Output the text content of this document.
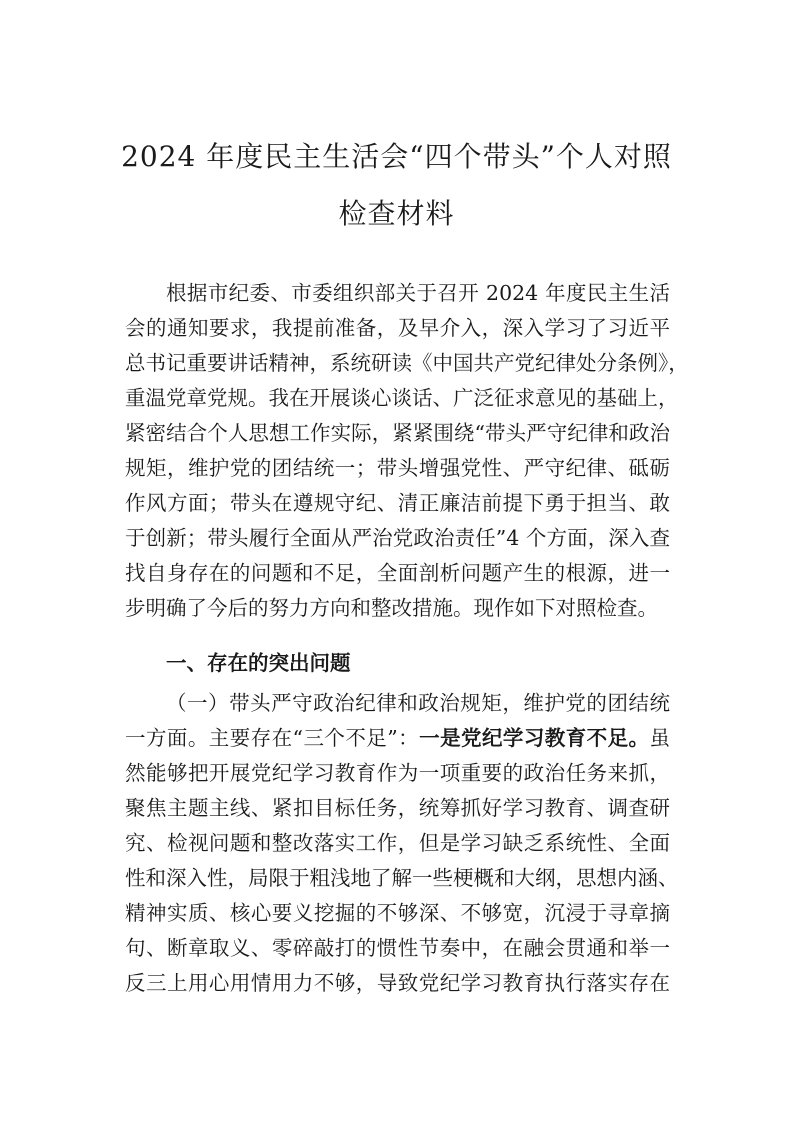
2024 年度民主生活会“四个带头”个人对照
检查材料
根据市纪委、市委组织部关于召开 2024 年度民主生活
会的通知要求，我提前准备，及早介入，深入学习了习近平
总书记重要讲话精神，系统研读《中国共产党纪律处分条例》，
重温党章党规。我在开展谈心谈话、广泛征求意见的基础上，
紧密结合个人思想工作实际，紧紧围绕“带头严守纪律和政治
规矩，维护党的团结统一；带头增强党性、严守纪律、砥砺
作风方面；带头在遵规守纪、清正廉洁前提下勇于担当、敢
于创新；带头履行全面从严治党政治责任”4 个方面，深入查
找自身存在的问题和不足，全面剖析问题产生的根源，进一
步明确了今后的努力方向和整改措施。现作如下对照检查。
一、存在的突出问题
（一）带头严守政治纪律和政治规矩，维护党的团结统
一方面。主要存在“三个不足”：一是党纪学习教育不足。虽
然能够把开展党纪学习教育作为一项重要的政治任务来抓，
聚焦主题主线、紧扣目标任务，统筹抓好学习教育、调查研
究、检视问题和整改落实工作，但是学习缺乏系统性、全面
性和深入性，局限于粗浅地了解一些梗概和大纲，思想内涵、
精神实质、核心要义挖掘的不够深、不够宽，沉浸于寻章摘
句、断章取义、零碎敲打的惯性节奏中，在融会贯通和举一
反三上用心用情用力不够，导致党纪学习教育执行落实存在
